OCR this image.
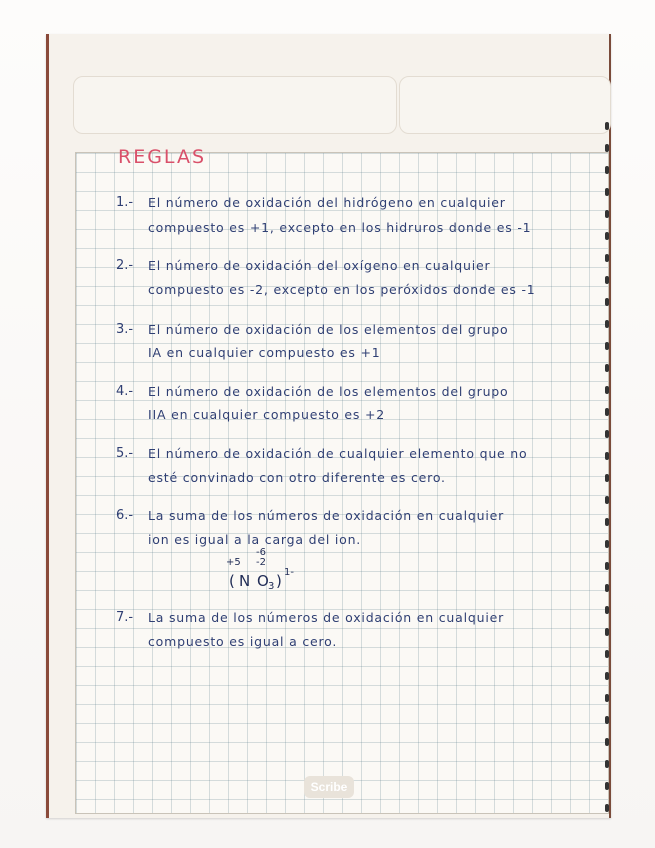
REGLAS
1.- El número de oxidación del hidrógeno en cualquier
compuesto es +1, excepto en los hidruros donde es -1
2.- El número de oxidación del oxígeno en cualquier
compuesto es -2, excepto en los peróxidos donde es -1
3.- El número de oxidación de los elementos del grupo
IA en cualquier compuesto es +1
4.- El número de oxidación de los elementos del grupo
IIA en cualquier compuesto es +2
5.- El número de oxidación de cualquier elemento que no
esté convinado con otro diferente es cero.
6.- La suma de los números de oxidación en cualquier
ion es igual a la carga del ion.
( N O 3 ) 1-
+5 -2
-6
7.- La suma de los números de oxidación en cualquier
compuesto es igual a cero.
Scribe
